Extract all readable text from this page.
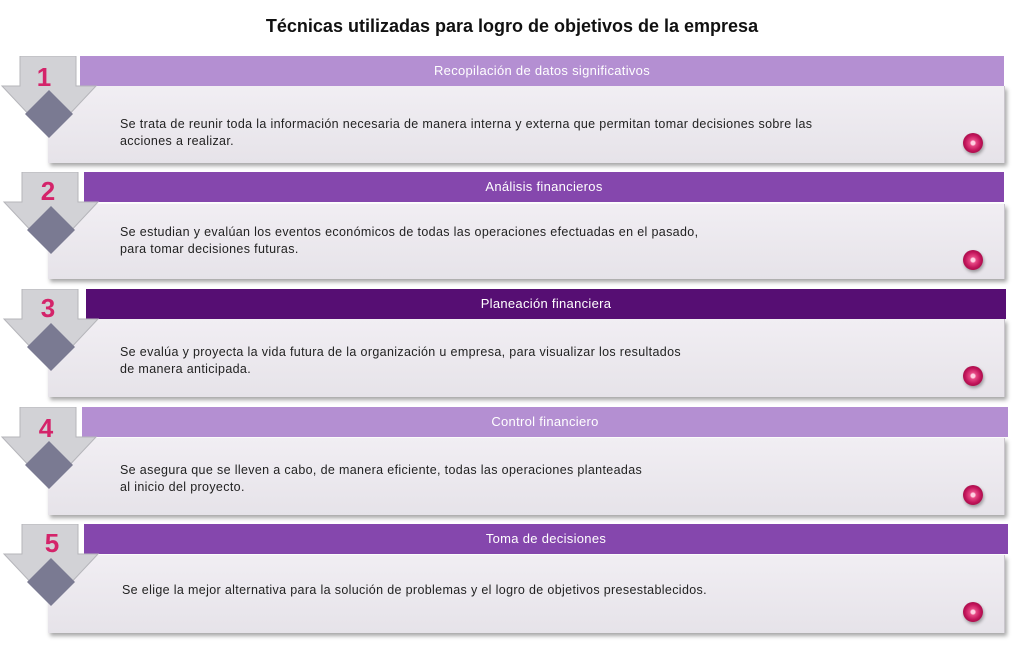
Técnicas utilizadas para logro de objetivos de la empresa
Recopilación de datos significativos
Se trata de reunir toda la información necesaria de manera interna y externa que permitan tomar decisiones sobre las
acciones a realizar.
1
Análisis financieros
Se estudian y evalúan los eventos económicos de todas las operaciones efectuadas en el pasado,
para tomar decisiones futuras.
2
Planeación financiera
Se evalúa y proyecta la vida futura de la organización u empresa, para visualizar los resultados
de manera anticipada.
3
Control financiero
Se asegura que se lleven a cabo, de manera eficiente, todas las operaciones planteadas
al inicio del proyecto.
4
Toma de decisiones
Se elige la mejor alternativa para la solución de problemas y el logro de objetivos presestablecidos.
5
